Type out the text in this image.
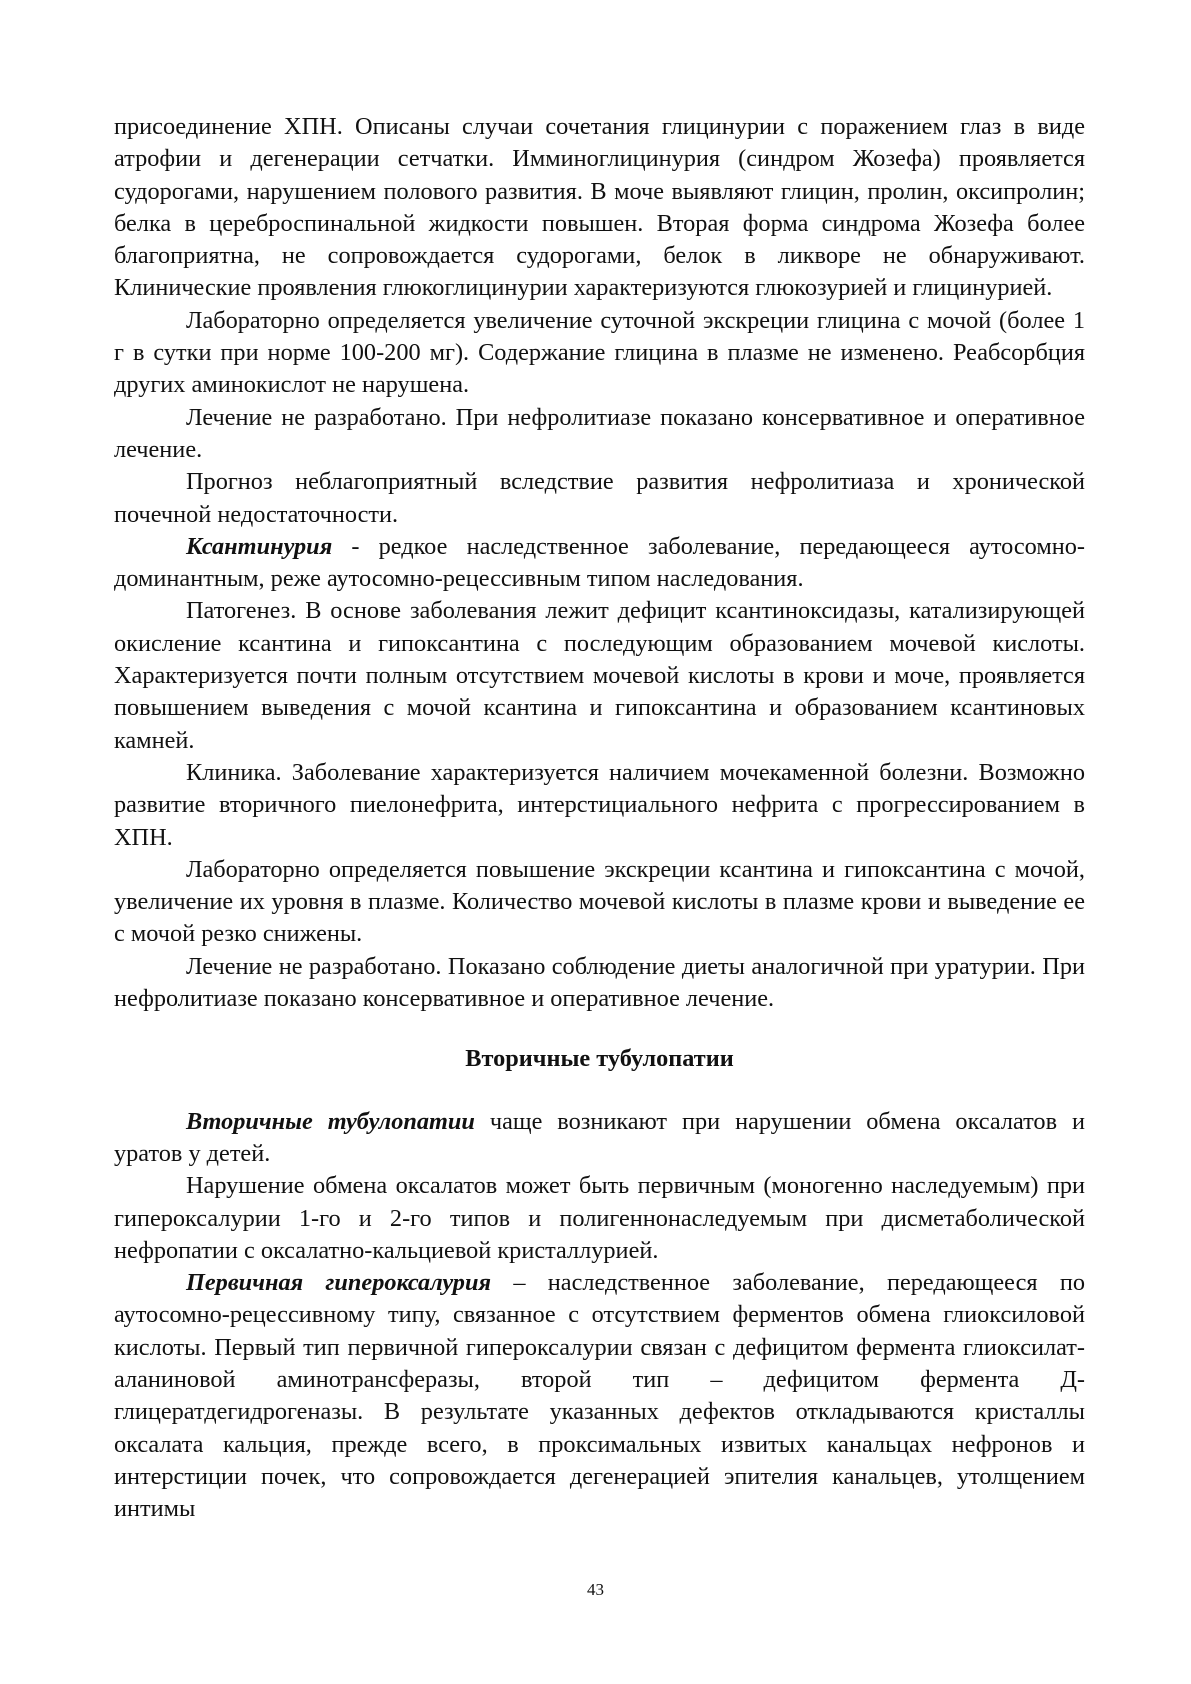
присоединение ХПН. Описаны случаи сочетания глицинурии с поражением глаз в виде атрофии и дегенерации сетчатки. Имминоглицинурия (синдром Жозефа) проявляется судорогами, нарушением полового развития. В моче выявляют глицин, пролин, оксипролин; белка в цереброспинальной жидкости повышен. Вторая форма синдрома Жозефа более благоприятна, не сопровождается судорогами, белок в ликворе не обнаруживают. Клинические проявления глюкоглицинурии характеризуются глюкозурией и глицинурией.

Лабораторно определяется увеличение суточной экскреции глицина с мочой (более 1 г в сутки при норме 100-200 мг). Содержание глицина в плазме не изменено. Реабсорбция других аминокислот не нарушена.

Лечение не разработано. При нефролитиазе показано консервативное и оперативное лечение.

Прогноз неблагоприятный вследствие развития нефролитиаза и хронической почечной недостаточности.

Ксантинурия - редкое наследственное заболевание, передающееся аутосомно-доминантным, реже аутосомно-рецессивным типом наследования.

Патогенез. В основе заболевания лежит дефицит ксантиноксидазы, катализирующей окисление ксантина и гипоксантина с последующим образованием мочевой кислоты. Характеризуется почти полным отсутствием мочевой кислоты в крови и моче, проявляется повышением выведения с мочой ксантина и гипоксантина и образованием ксантиновых камней.

Клиника. Заболевание характеризуется наличием мочекаменной болезни. Возможно развитие вторичного пиелонефрита, интерстициального нефрита с прогрессированием в ХПН.

Лабораторно определяется повышение экскреции ксантина и гипоксантина с мочой, увеличение их уровня в плазме. Количество мочевой кислоты в плазме крови и выведение ее с мочой резко снижены.

Лечение не разработано. Показано соблюдение диеты аналогичной при уратурии. При нефролитиазе показано консервативное и оперативное лечение.

Вторичные тубулопатии

Вторичные тубулопатии чаще возникают при нарушении обмена оксалатов и уратов у детей.

Нарушение обмена оксалатов может быть первичным (моногенно наследуемым) при гипероксалурии 1-го и 2-го типов и полигеннонаследуемым при дисметаболической нефропатии с оксалатно-кальциевой кристаллурией.

Первичная гипероксалурия – наследственное заболевание, передающееся по аутосомно-рецессивному типу, связанное с отсутствием ферментов обмена глиоксиловой кислоты. Первый тип первичной гипероксалурии связан с дефицитом фермента глиоксилат-аланиновой аминотрансферазы, второй тип – дефицитом фермента Д-глицератдегидрогеназы. В результате указанных дефектов откладываются кристаллы оксалата кальция, прежде всего, в проксимальных извитых канальцах нефронов и интерстиции почек, что сопровождается дегенерацией эпителия канальцев, утолщением интимы

43
